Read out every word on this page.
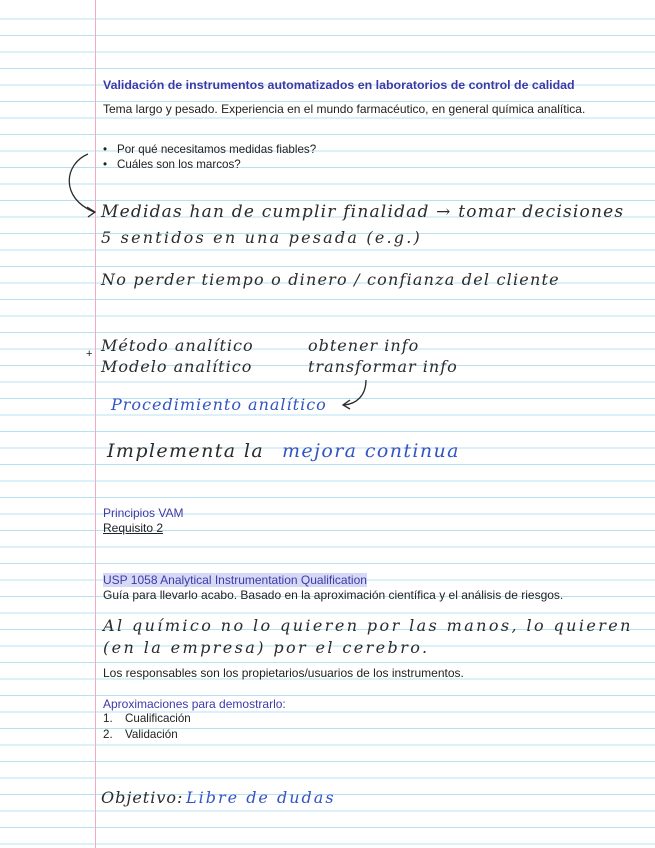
Validación de instrumentos automatizados en laboratorios de control de calidad

Tema largo y pesado. Experiencia en el mundo farmacéutico, en general química analítica.

• Por qué necesitamos medidas fiables?
• Cuáles son los marcos?

Medidas han de cumplir finalidad → tomar decisiones

5 sentidos en una pesada (e.g.)

No perder tiempo o dinero / confianza del cliente

+ Método analítico	obtener info

Modelo analítico	transformar info

Procedimiento analítico

Implementa la mejora continua

Principios VAM

Requisito 2

USP 1058 Analytical Instrumentation Qualification

Guía para llevarlo acabo. Basado en la aproximación científica y el análisis de riesgos.

Al químico no lo quieren por las manos, lo quieren

(en la empresa) por el cerebro.

Los responsables son los propietarios/usuarios de los instrumentos.

Aproximaciones para demostrarlo:

1. Cualificación
2. Validación

Objetivo: Libre de dudas
